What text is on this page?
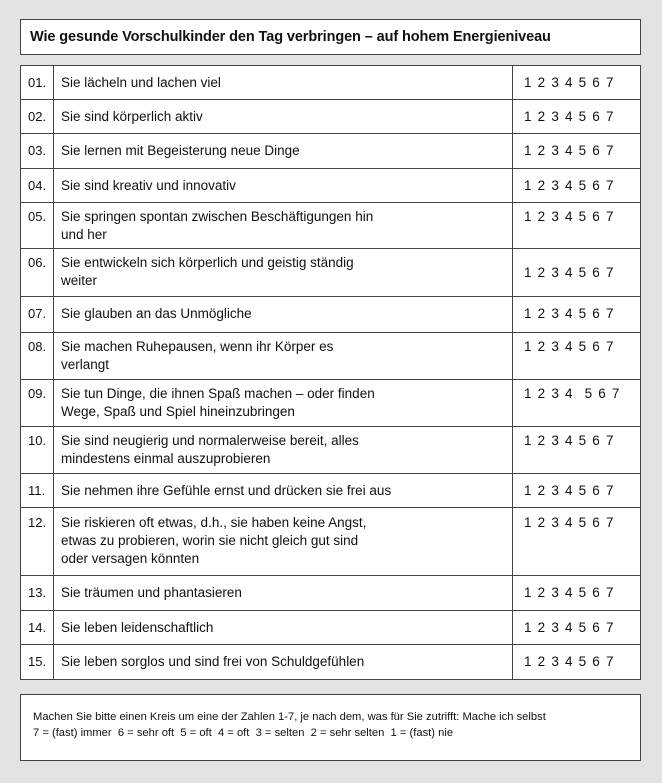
Wie gesunde Vorschulkinder den Tag verbringen – auf hohem Energieniveau
01.	Sie lächeln und lachen viel	1 2 3 4 5 6 7
02.	Sie sind körperlich aktiv	1 2 3 4 5 6 7
03.	Sie lernen mit Begeisterung neue Dinge	1 2 3 4 5 6 7
04.	Sie sind kreativ und innovativ	1 2 3 4 5 6 7
05.	Sie springen spontan zwischen Beschäftigungen hin
und her	1 2 3 4 5 6 7
06.	Sie entwickeln sich körperlich und geistig ständig
weiter	1 2 3 4 5 6 7
07.	Sie glauben an das Unmögliche	1 2 3 4 5 6 7
08.	Sie machen Ruhepausen, wenn ihr Körper es
verlangt	1 2 3 4 5 6 7
09.	Sie tun Dinge, die ihnen Spaß machen – oder finden
Wege, Spaß und Spiel hineinzubringen	1 2 3 4  5 6 7
10.	Sie sind neugierig und normalerweise bereit, alles
mindestens einmal auszuprobieren	1 2 3 4 5 6 7
11.	Sie nehmen ihre Gefühle ernst und drücken sie frei aus	1 2 3 4 5 6 7
12.	Sie riskieren oft etwas, d.h., sie haben keine Angst,
etwas zu probieren, worin sie nicht gleich gut sind
oder versagen könnten	1 2 3 4 5 6 7
13.	Sie träumen und phantasieren	1 2 3 4 5 6 7
14.	Sie leben leidenschaftlich	1 2 3 4 5 6 7
15.	Sie leben sorglos und sind frei von Schuldgefühlen	1 2 3 4 5 6 7
Machen Sie bitte einen Kreis um eine der Zahlen 1-7, je nach dem, was für Sie zutrifft: Mache ich selbst
7 = (fast) immer  6 = sehr oft  5 = oft  4 = oft  3 = selten  2 = sehr selten  1 = (fast) nie
